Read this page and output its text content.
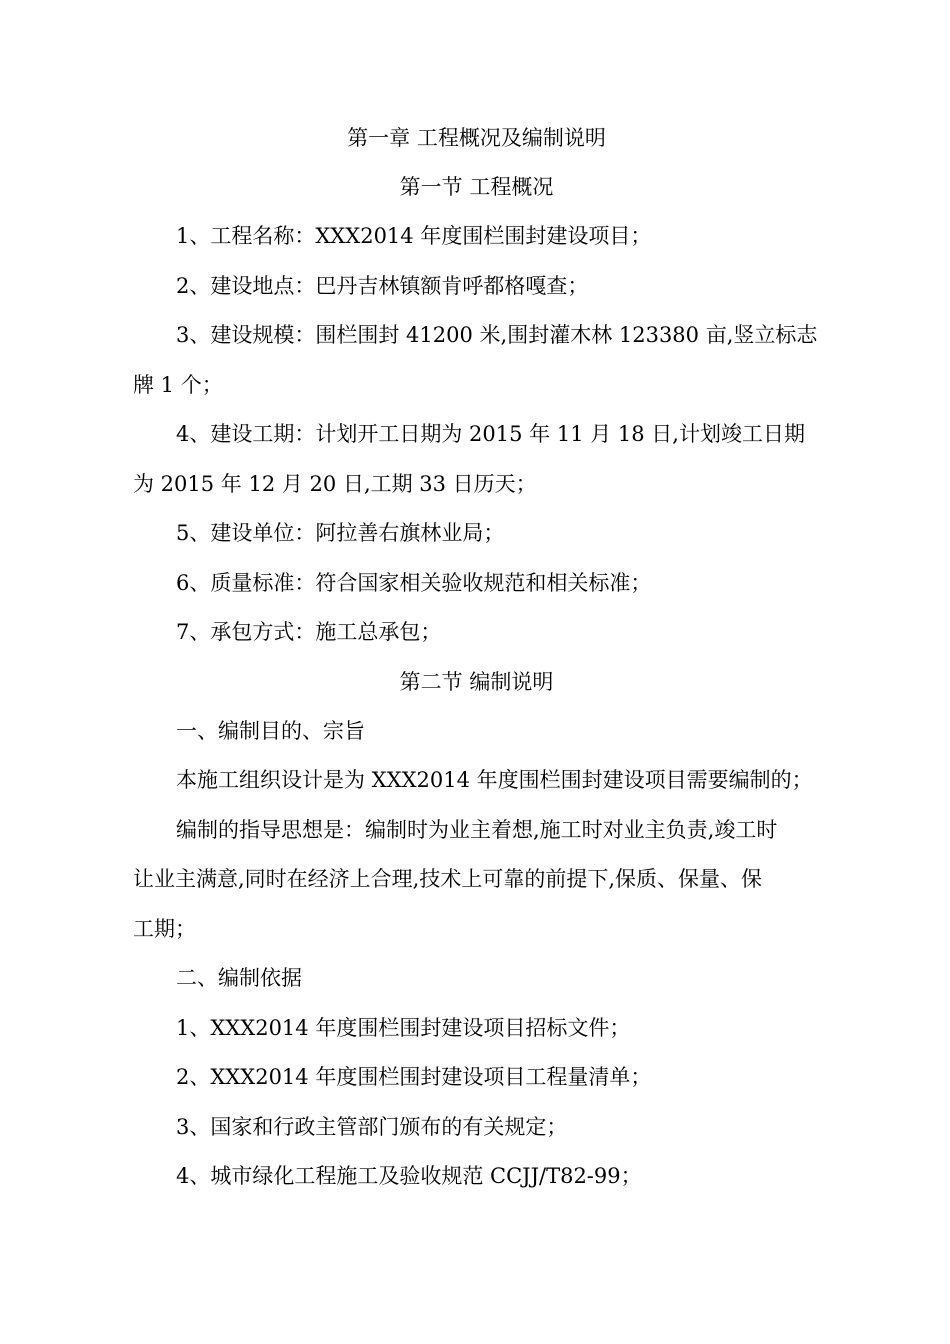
第一章 工程概况及编制说明
第一节 工程概况
1、工程名称：XXX2014 年度围栏围封建设项目；
2、建设地点：巴丹吉林镇额肯呼都格嘎查；
3、建设规模：围栏围封 41200 米,围封灌木林 123380 亩,竖立标志
牌 1 个；
4、建设工期：计划开工日期为 2015 年 11 月 18 日,计划竣工日期
为 2015 年 12 月 20 日,工期 33 日历天；
5、建设单位：阿拉善右旗林业局；
6、质量标准：符合国家相关验收规范和相关标准；
7、承包方式：施工总承包；
第二节 编制说明
一、编制目的、宗旨
本施工组织设计是为 XXX2014 年度围栏围封建设项目需要编制的；
编制的指导思想是：编制时为业主着想,施工时对业主负责,竣工时
让业主满意,同时在经济上合理,技术上可靠的前提下,保质、保量、保
工期；
二、编制依据
1、XXX2014 年度围栏围封建设项目招标文件；
2、XXX2014 年度围栏围封建设项目工程量清单；
3、国家和行政主管部门颁布的有关规定；
4、城市绿化工程施工及验收规范 CCJJ/T82-99；
